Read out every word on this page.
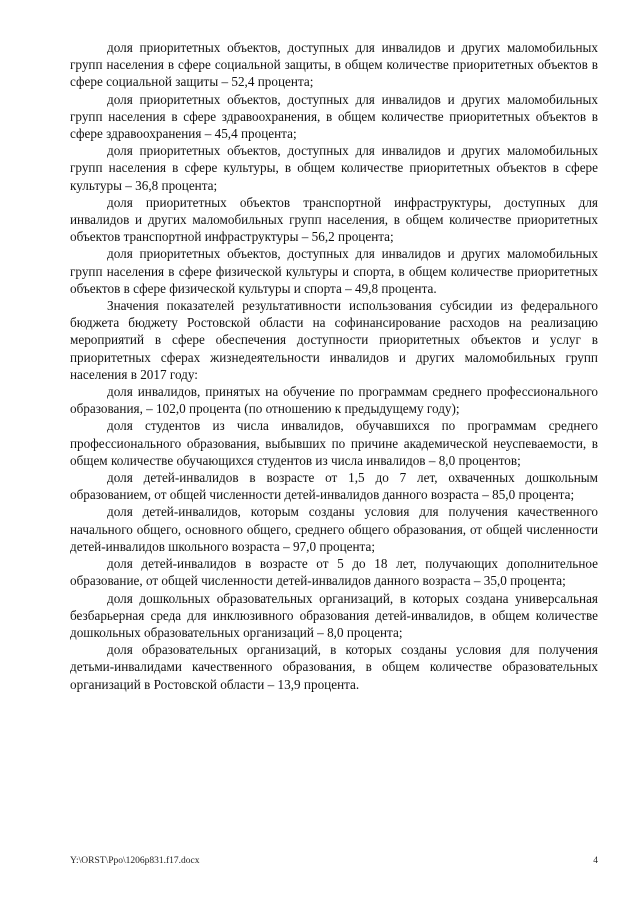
доля приоритетных объектов, доступных для инвалидов и других маломобильных групп населения в сфере социальной защиты, в общем количестве приоритетных объектов в сфере социальной защиты – 52,4 процента;

доля приоритетных объектов, доступных для инвалидов и других маломобильных групп населения в сфере здравоохранения, в общем количестве приоритетных объектов в сфере здравоохранения – 45,4 процента;

доля приоритетных объектов, доступных для инвалидов и других маломобильных групп населения в сфере культуры, в общем количестве приоритетных объектов в сфере культуры – 36,8 процента;

доля приоритетных объектов транспортной инфраструктуры, доступных для инвалидов и других маломобильных групп населения, в общем количестве приоритетных объектов транспортной инфраструктуры – 56,2 процента;

доля приоритетных объектов, доступных для инвалидов и других маломобильных групп населения в сфере физической культуры и спорта, в общем количестве приоритетных объектов в сфере физической культуры и спорта – 49,8 процента.

Значения показателей результативности использования субсидии из федерального бюджета бюджету Ростовской области на софинансирование расходов на реализацию мероприятий в сфере обеспечения доступности приоритетных объектов и услуг в приоритетных сферах жизнедеятельности инвалидов и других маломобильных групп населения в 2017 году:

доля инвалидов, принятых на обучение по программам среднего профессионального образования, – 102,0 процента (по отношению к предыдущему году);

доля студентов из числа инвалидов, обучавшихся по программам среднего профессионального образования, выбывших по причине академической неуспеваемости, в общем количестве обучающихся студентов из числа инвалидов – 8,0 процентов;

доля детей-инвалидов в возрасте от 1,5 до 7 лет, охваченных дошкольным образованием, от общей численности детей-инвалидов данного возраста – 85,0 процента;

доля детей-инвалидов, которым созданы условия для получения качественного начального общего, основного общего, среднего общего образования, от общей численности детей-инвалидов школьного возраста – 97,0 процента;

доля детей-инвалидов в возрасте от 5 до 18 лет, получающих дополнительное образование, от общей численности детей-инвалидов данного возраста – 35,0 процента;

доля дошкольных образовательных организаций, в которых создана универсальная безбарьерная среда для инклюзивного образования детей-инвалидов, в общем количестве дошкольных образовательных организаций – 8,0 процента;

доля образовательных организаций, в которых созданы условия для получения детьми-инвалидами качественного образования, в общем количестве образовательных организаций в Ростовской области – 13,9 процента.

Y:\ORST\Ppo\1206p831.f17.docx	4
